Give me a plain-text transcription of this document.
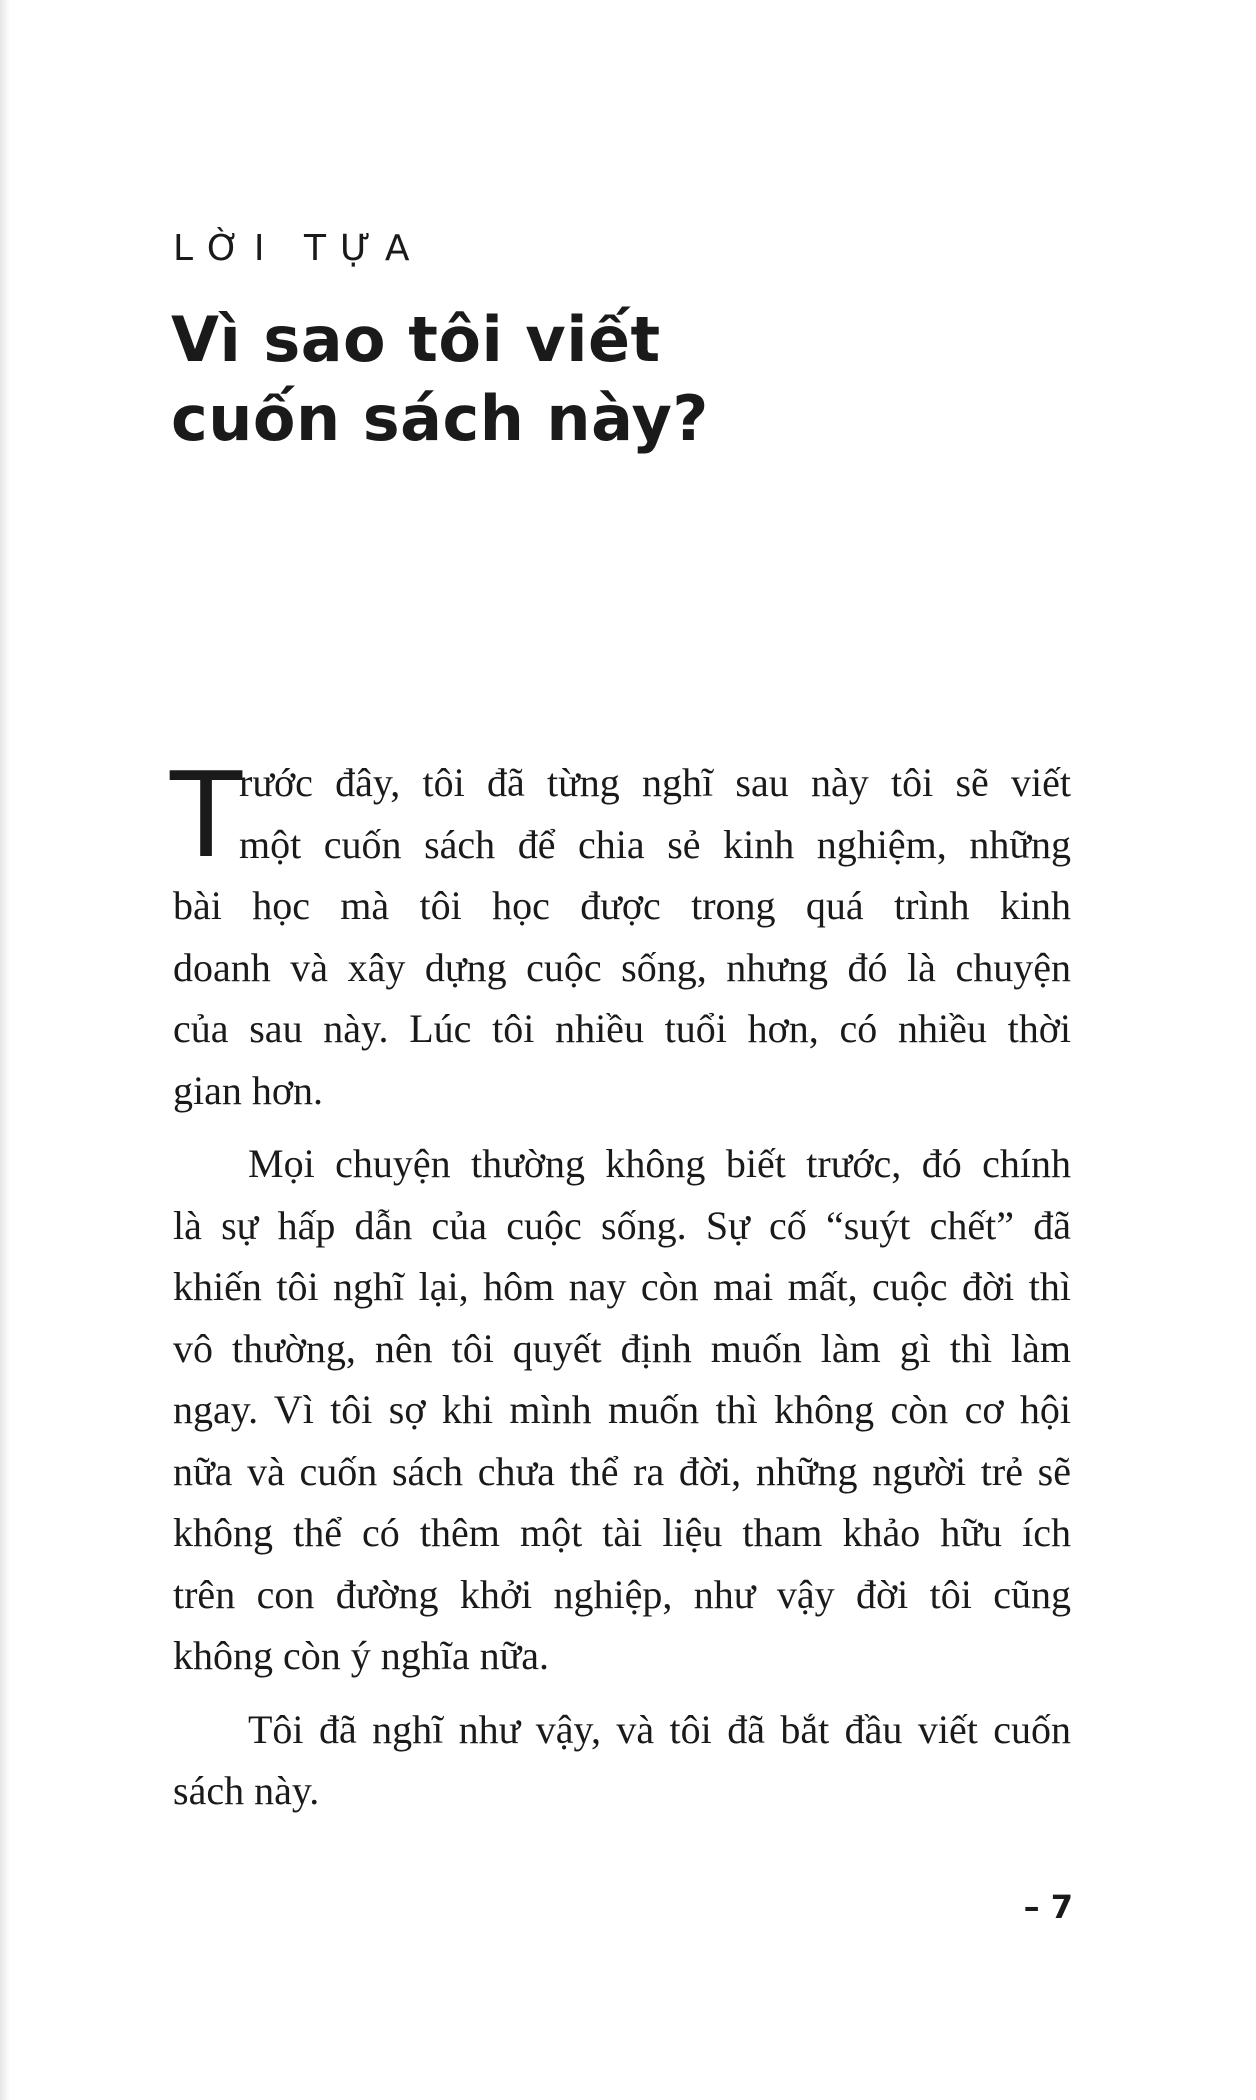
LỜI TỰA
Vì sao tôi viết
cuốn sách này?

T
rước đây, tôi đã từng nghĩ sau này tôi sẽ viết
một cuốn sách để chia sẻ kinh nghiệm, những
bài học mà tôi học được trong quá trình kinh
doanh và xây dựng cuộc sống, nhưng đó là chuyện
của sau này. Lúc tôi nhiều tuổi hơn, có nhiều thời
gian hơn.

Mọi chuyện thường không biết trước, đó chính
là sự hấp dẫn của cuộc sống. Sự cố “suýt chết” đã
khiến tôi nghĩ lại, hôm nay còn mai mất, cuộc đời thì
vô thường, nên tôi quyết định muốn làm gì thì làm
ngay. Vì tôi sợ khi mình muốn thì không còn cơ hội
nữa và cuốn sách chưa thể ra đời, những người trẻ sẽ
không thể có thêm một tài liệu tham khảo hữu ích
trên con đường khởi nghiệp, như vậy đời tôi cũng
không còn ý nghĩa nữa.

Tôi đã nghĩ như vậy, và tôi đã bắt đầu viết cuốn
sách này.

– 7
